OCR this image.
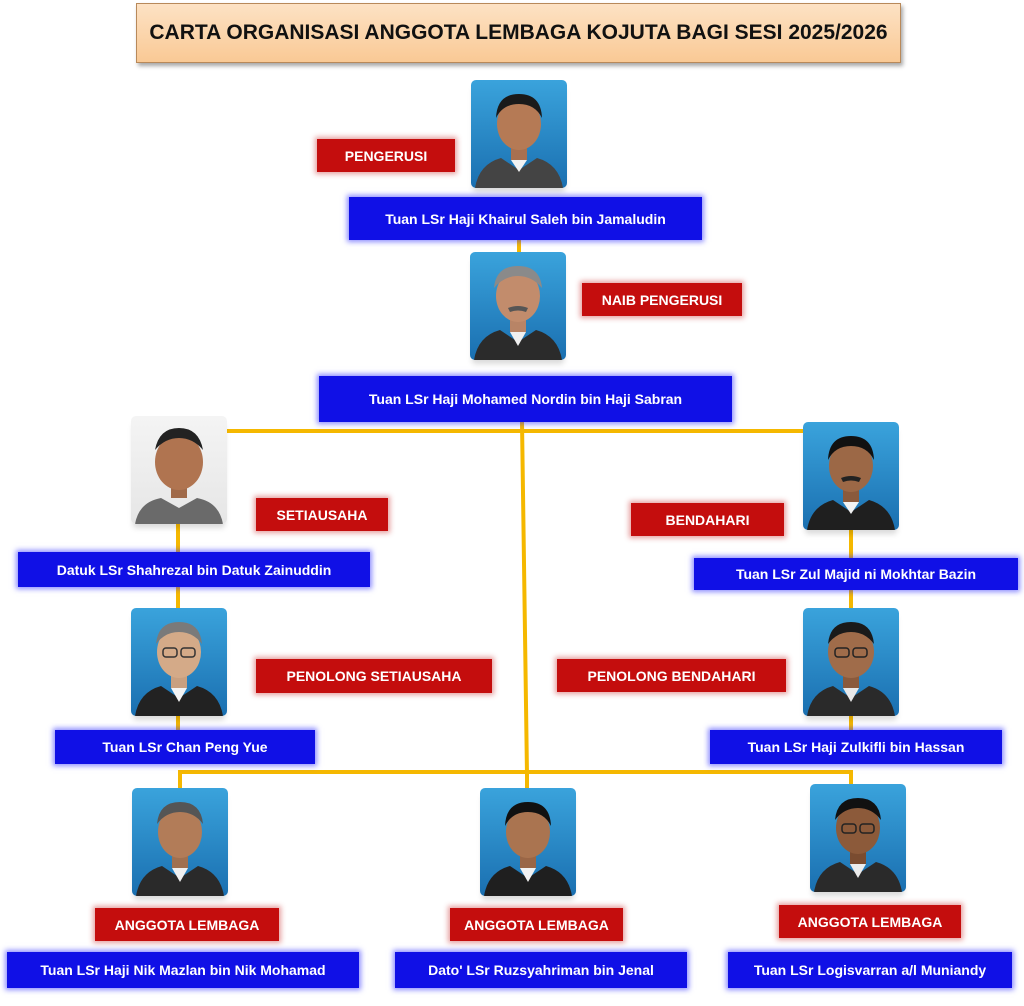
CARTA ORGANISASI ANGGOTA LEMBAGA KOJUTA BAGI SESI 2025/2026
PENGERUSI
Tuan LSr Haji Khairul Saleh bin Jamaludin
NAIB PENGERUSI
Tuan LSr Haji Mohamed Nordin bin Haji Sabran
SETIAUSAHA
Datuk LSr Shahrezal bin Datuk Zainuddin
BENDAHARI
Tuan LSr Zul Majid ni Mokhtar Bazin
PENOLONG SETIAUSAHA
Tuan LSr Chan Peng Yue
PENOLONG BENDAHARI
Tuan LSr Haji Zulkifli bin Hassan
ANGGOTA LEMBAGA
Tuan LSr Haji Nik Mazlan bin Nik Mohamad
ANGGOTA LEMBAGA
Dato' LSr Ruzsyahriman bin Jenal
ANGGOTA LEMBAGA
Tuan LSr Logisvarran a/l Muniandy
